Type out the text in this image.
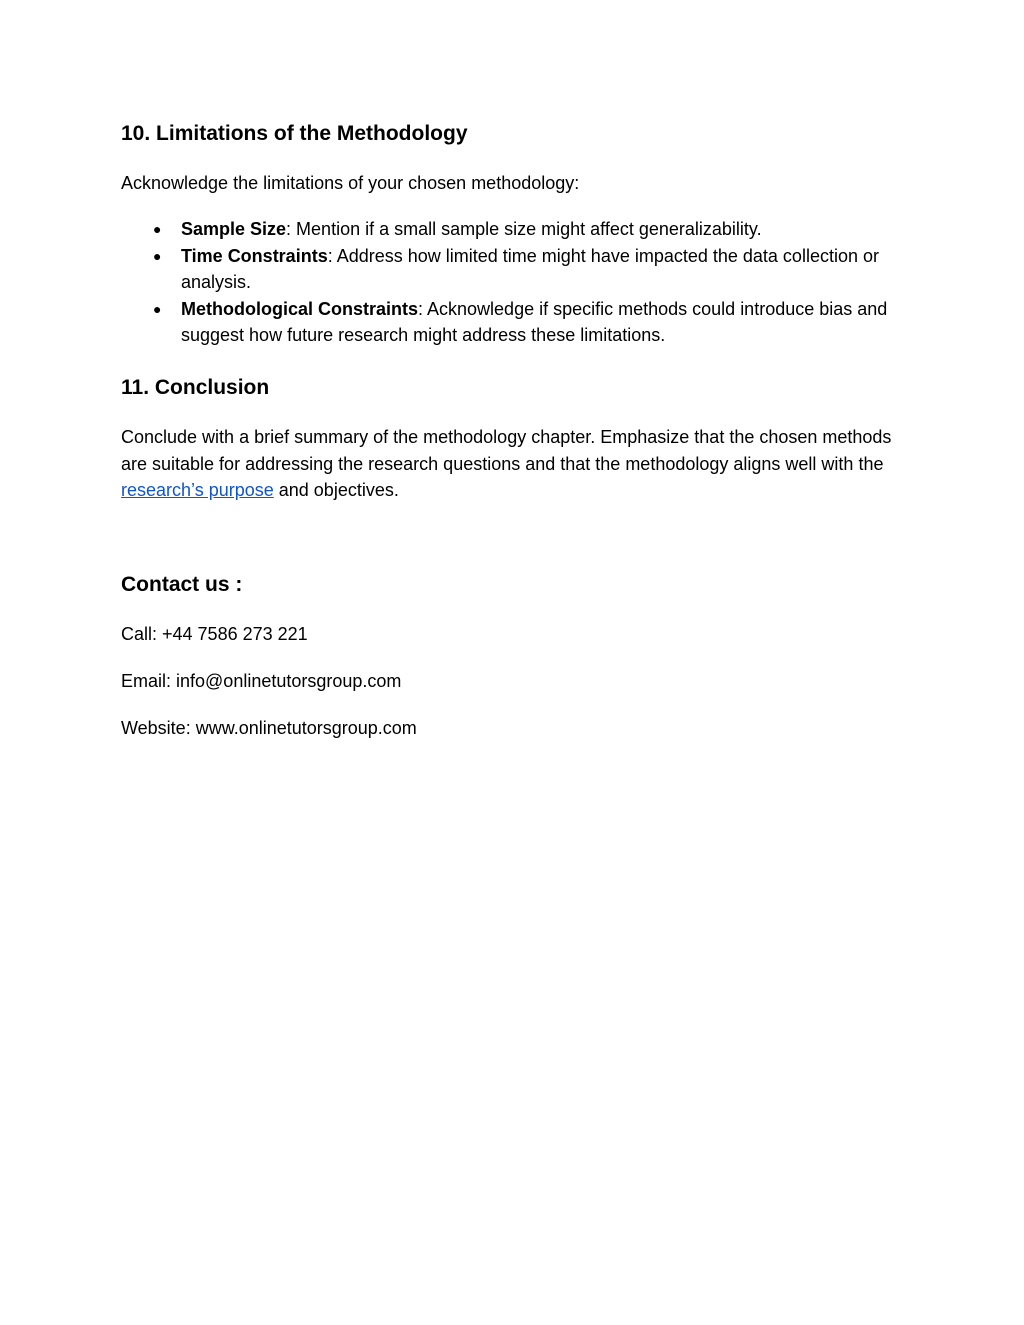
10. Limitations of the Methodology

Acknowledge the limitations of your chosen methodology:

● Sample Size: Mention if a small sample size might affect generalizability.
● Time Constraints: Address how limited time might have impacted the data collection or analysis.
● Methodological Constraints: Acknowledge if specific methods could introduce bias and suggest how future research might address these limitations.
11. Conclusion

Conclude with a brief summary of the methodology chapter. Emphasize that the chosen methods are suitable for addressing the research questions and that the methodology aligns well with the research’s purpose and objectives.

Contact us :

Call: +44 7586 273 221

Email: info@onlinetutorsgroup.com

Website: www.onlinetutorsgroup.com
